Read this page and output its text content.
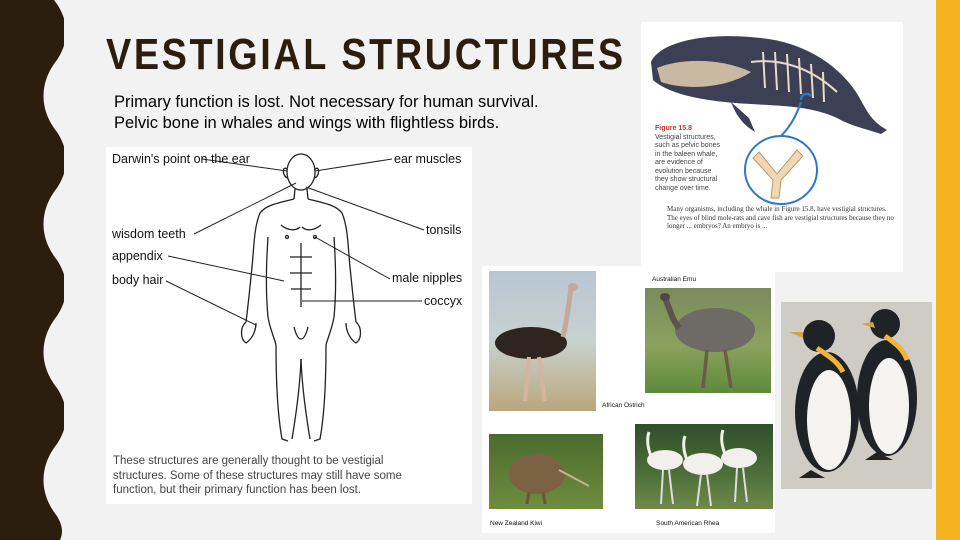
VESTIGIAL STRUCTURES

Primary function is lost. Not necessary for human survival.
Pelvic bone in whales and wings with flightless birds.

Darwin's point on the ear	ear muscles
wisdom teeth	tonsils
appendix
body hair	male nipples
coccyx
These structures are generally thought to be vestigial structures. Some of these structures may still have some function, but their primary function has been lost.
Figure 15.8
Vestigial structures, such as pelvic bones in the baleen whale, are evidence of evolution because they show structural change over time.
Many organisms, including the whale in Figure 15.8, have vestigial structures. The eyes of blind mole-rats and cave fish are vestigial structures because they no longer ... embryos? An embryo is ...
Australian Emu
African Ostrich
New Zealand Kiwi	South American Rhea
